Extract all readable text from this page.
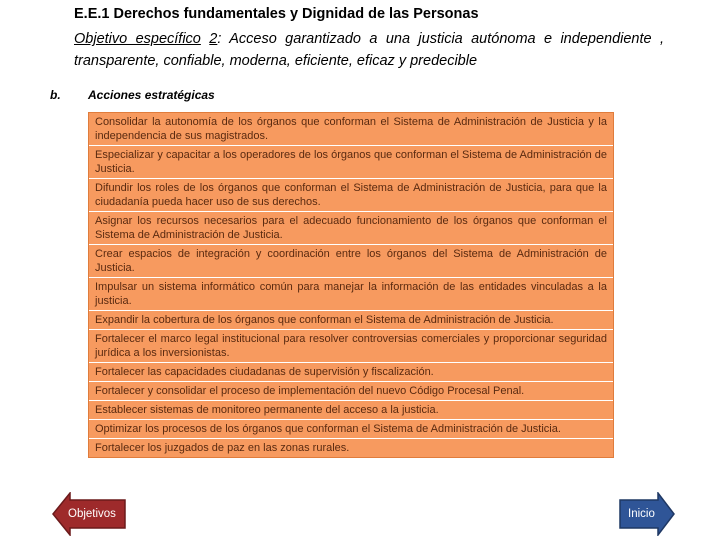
E.E.1 Derechos fundamentales y Dignidad de las Personas
Objetivo específico 2: Acceso garantizado a una justicia autónoma e independiente , transparente, confiable, moderna, eficiente, eficaz y predecible
b. Acciones estratégicas
Consolidar la autonomía de los órganos que conforman el Sistema de Administración de Justicia y la independencia de sus magistrados.
Especializar y capacitar a los operadores de los órganos que conforman el Sistema de Administración de Justicia.
Difundir los roles de los órganos que conforman el Sistema de Administración de Justicia, para que la ciudadanía pueda hacer uso de sus derechos.
Asignar los recursos necesarios para el adecuado funcionamiento de los órganos que conforman el Sistema de Administración de Justicia.
Crear espacios de integración y coordinación entre los órganos del Sistema de Administración de Justicia.
Impulsar un sistema informático común para manejar la información de las entidades vinculadas a la justicia.
Expandir la cobertura de los órganos que conforman el Sistema de Administración de Justicia.
Fortalecer el marco legal institucional para resolver controversias comerciales y proporcionar seguridad jurídica a los inversionistas.
Fortalecer las capacidades ciudadanas de supervisión y fiscalización.
Fortalecer y consolidar el proceso de implementación del nuevo Código Procesal Penal.
Establecer sistemas de monitoreo permanente del acceso a la justicia.
Optimizar los procesos de los órganos que conforman el Sistema de Administración de Justicia.
Fortalecer los juzgados de paz en las zonas rurales.
Objetivos	Inicio
